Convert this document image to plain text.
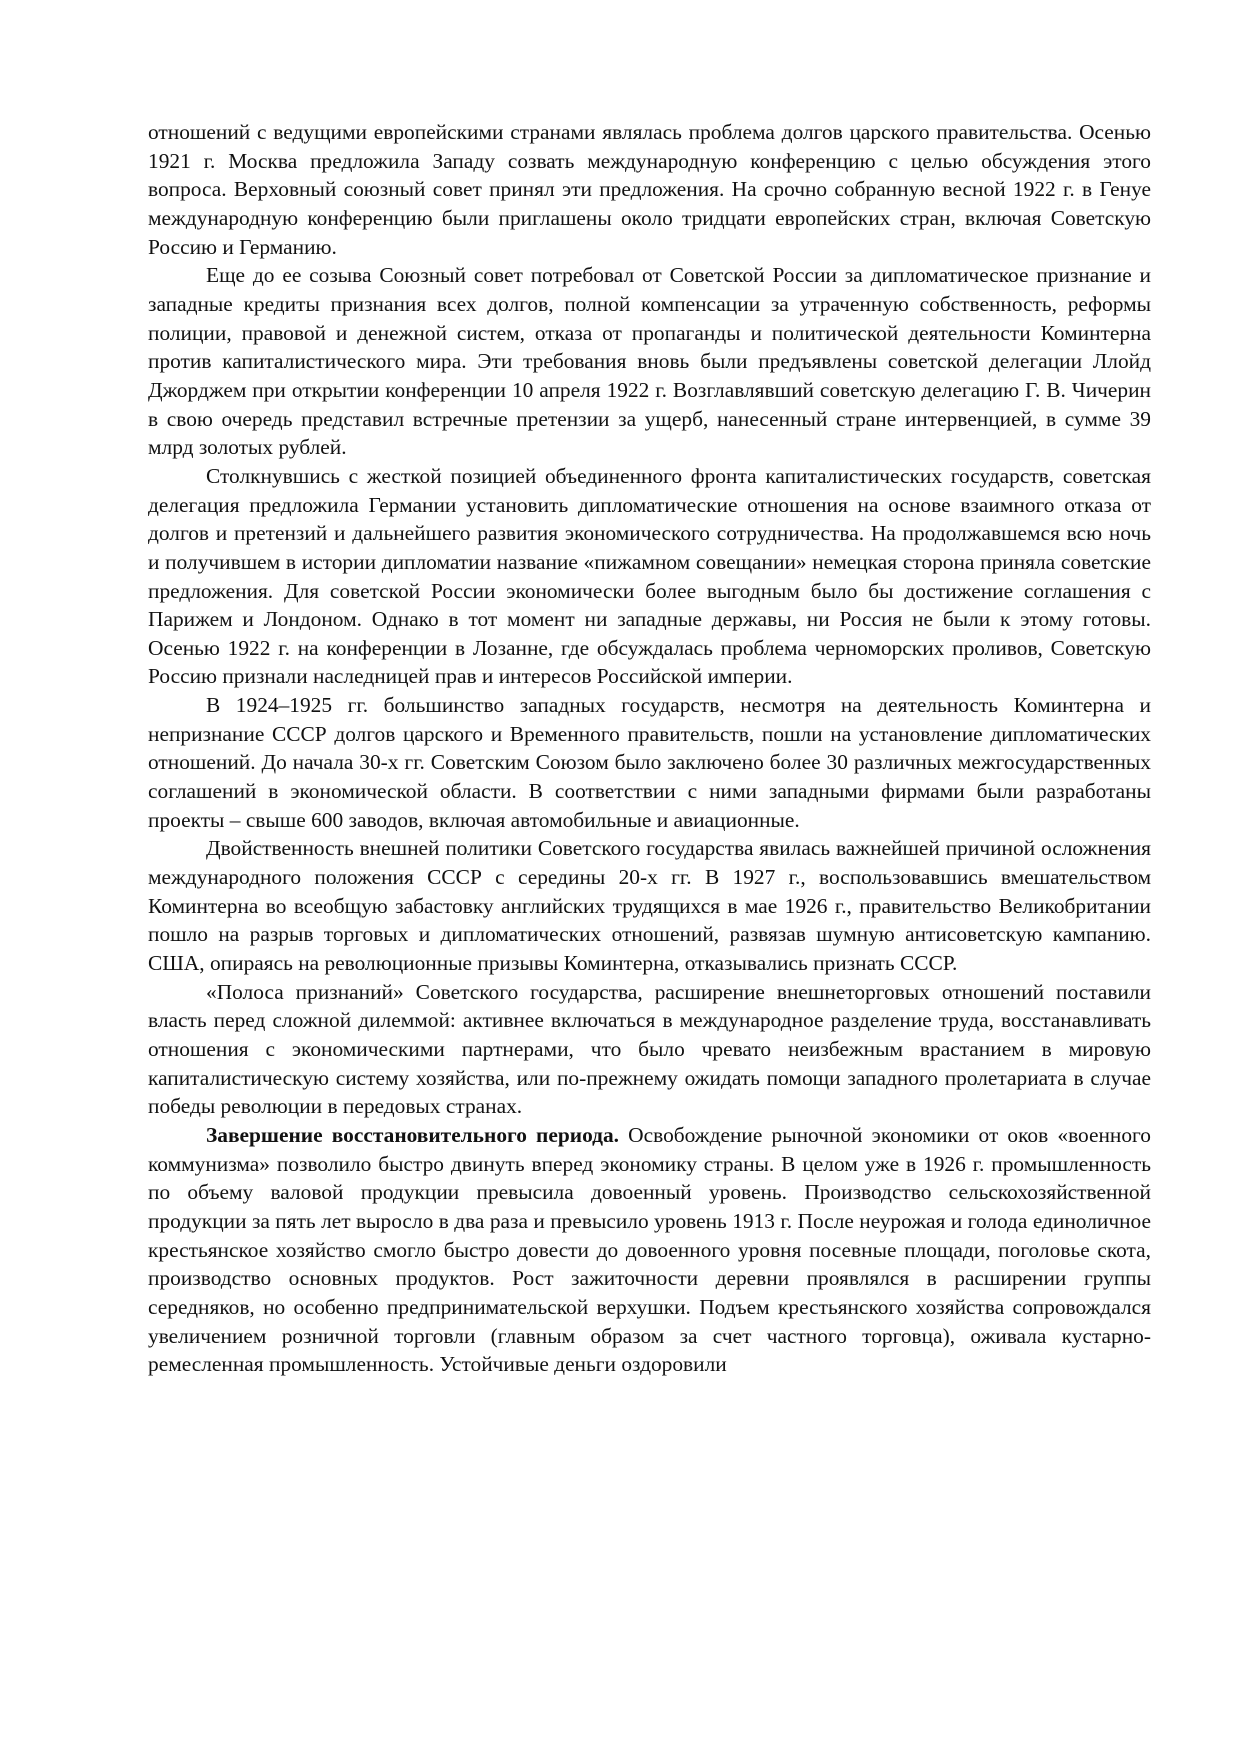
отношений с ведущими европейскими странами являлась проблема долгов царского правительства. Осенью 1921 г. Москва предложила Западу созвать международную конференцию с целью обсуждения этого вопроса. Верховный союзный совет принял эти предложения. На срочно собранную весной 1922 г. в Генуе международную конференцию были приглашены около тридцати европейских стран, включая Советскую Россию и Германию.

Еще до ее созыва Союзный совет потребовал от Советской России за дипломатическое признание и западные кредиты признания всех долгов, полной компенсации за утраченную собственность, реформы полиции, правовой и денежной систем, отказа от пропаганды и политической деятельности Коминтерна против капиталистического мира. Эти требования вновь были предъявлены советской делегации Ллойд Джорджем при открытии конференции 10 апреля 1922 г. Возглавлявший советскую делегацию Г. В. Чичерин в свою очередь представил встречные претензии за ущерб, нанесенный стране интервенцией, в сумме 39 млрд золотых рублей.

Столкнувшись с жесткой позицией объединенного фронта капиталистических государств, советская делегация предложила Германии установить дипломатические отношения на основе взаимного отказа от долгов и претензий и дальнейшего развития экономического сотрудничества. На продолжавшемся всю ночь и получившем в истории дипломатии название «пижамном совещании» немецкая сторона приняла советские предложения. Для советской России экономически более выгодным было бы достижение соглашения с Парижем и Лондоном. Однако в тот момент ни западные державы, ни Россия не были к этому готовы. Осенью 1922 г. на конференции в Лозанне, где обсуждалась проблема черноморских проливов, Советскую Россию признали наследницей прав и интересов Российской империи.

В 1924–1925 гг. большинство западных государств, несмотря на деятельность Коминтерна и непризнание СССР долгов царского и Временного правительств, пошли на установление дипломатических отношений. До начала 30-х гг. Советским Союзом было заключено более 30 различных межгосударственных соглашений в экономической области. В соответствии с ними западными фирмами были разработаны проекты – свыше 600 заводов, включая автомобильные и авиационные.

Двойственность внешней политики Советского государства явилась важнейшей причиной осложнения международного положения СССР с середины 20-х гг. В 1927 г., воспользовавшись вмешательством Коминтерна во всеобщую забастовку английских трудящихся в мае 1926 г., правительство Великобритании пошло на разрыв торговых и дипломатических отношений, развязав шумную антисоветскую кампанию. США, опираясь на революционные призывы Коминтерна, отказывались признать СССР.

«Полоса признаний» Советского государства, расширение внешнеторговых отношений поставили власть перед сложной дилеммой: активнее включаться в международное разделение труда, восстанавливать отношения с экономическими партнерами, что было чревато неизбежным врастанием в мировую капиталистическую систему хозяйства, или по-прежнему ожидать помощи западного пролетариата в случае победы революции в передовых странах.

Завершение восстановительного периода. Освобождение рыночной экономики от оков «военного коммунизма» позволило быстро двинуть вперед экономику страны. В целом уже в 1926 г. промышленность по объему валовой продукции превысила довоенный уровень. Производство сельскохозяйственной продукции за пять лет выросло в два раза и превысило уровень 1913 г. После неурожая и голода единоличное крестьянское хозяйство смогло быстро довести до довоенного уровня посевные площади, поголовье скота, производство основных продуктов. Рост зажиточности деревни проявлялся в расширении группы середняков, но особенно предпринимательской верхушки. Подъем крестьянского хозяйства сопровождался увеличением розничной торговли (главным образом за счет частного торговца), оживала кустарно-ремесленная промышленность. Устойчивые деньги оздоровили
